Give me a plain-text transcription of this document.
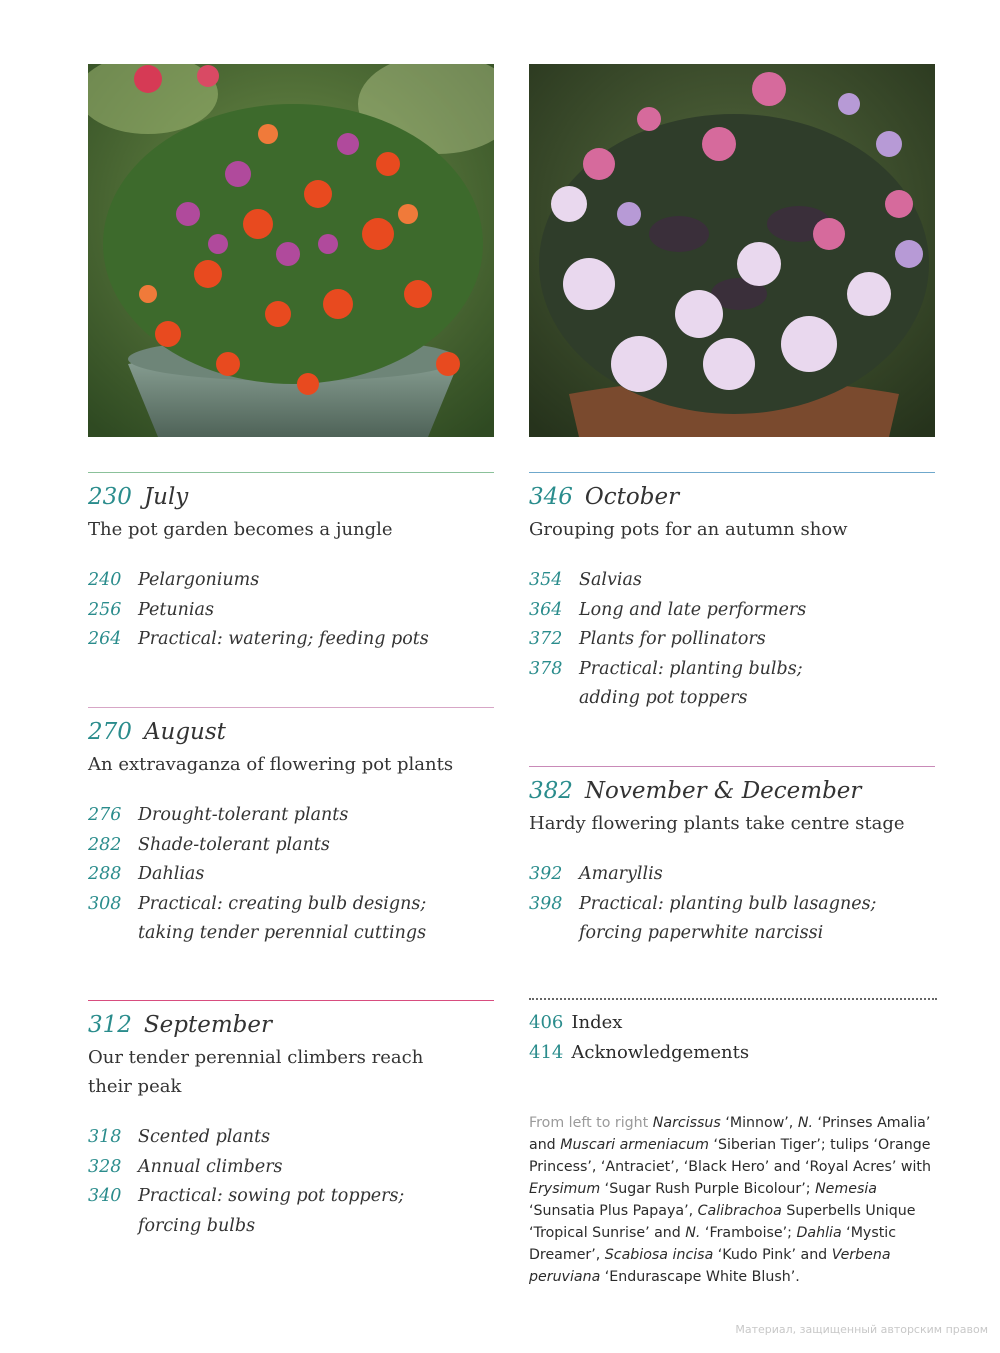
230 July
The pot garden becomes a jungle
240 Pelargoniums
256 Petunias
264 Practical: watering; feeding pots
270 August
An extravaganza of flowering pot plants
276 Drought-tolerant plants
282 Shade-tolerant plants
288 Dahlias
308 Practical: creating bulb designs;
taking tender perennial cuttings
312 September
Our tender perennial climbers reach
their peak
318 Scented plants
328 Annual climbers
340 Practical: sowing pot toppers;
forcing bulbs
346 October
Grouping pots for an autumn show
354 Salvias
364 Long and late performers
372 Plants for pollinators
378 Practical: planting bulbs;
adding pot toppers
382 November & December
Hardy flowering plants take centre stage
392 Amaryllis
398 Practical: planting bulb lasagnes;
forcing paperwhite narcissi
406 Index
414 Acknowledgements
From left to right Narcissus ‘Minnow’, N. ‘Prinses Amalia’ and Muscari armeniacum ‘Siberian Tiger’; tulips ‘Orange Princess’, ‘Antraciet’, ‘Black Hero’ and ‘Royal Acres’ with Erysimum ‘Sugar Rush Purple Bicolour’; Nemesia ‘Sunsatia Plus Papaya’, Calibrachoa Superbells Unique ‘Tropical Sunrise’ and N. ‘Framboise’; Dahlia ‘Mystic Dreamer’, Scabiosa incisa ‘Kudo Pink’ and Verbena peruviana ‘Endurascape White Blush’.
Материал, защищенный авторским правом
